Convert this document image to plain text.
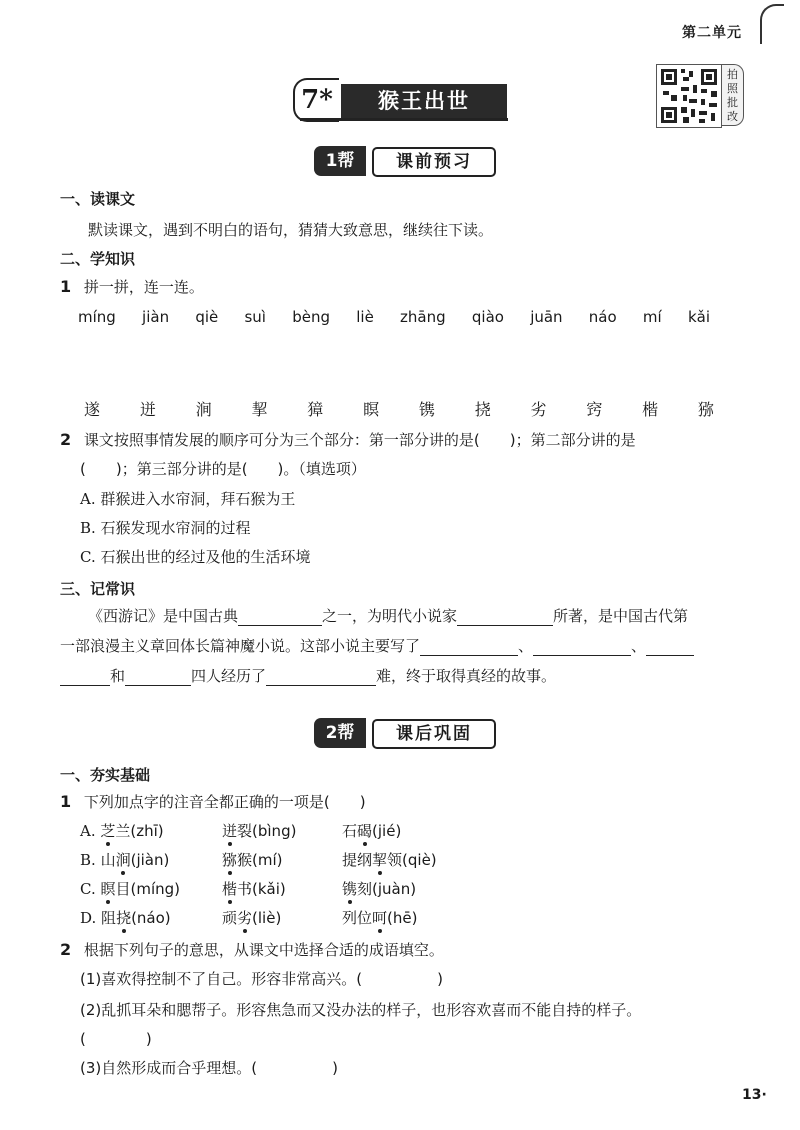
第二单元
7*	猴王出世
拍
照
批
改
1帮	课前预习
一、读课文
默读课文，遇到不明白的语句，猜猜大致意思，继续往下读。
二、学知识
1 拼一拼，连一连。
míng jiàn qiè suì bèng liè zhāng qiào juān náo mí kǎi
遂 迸 涧 挈 獐 瞑 镌 挠 劣 窍 楷 猕
2 课文按照事情发展的顺序可分为三个部分：第一部分讲的是(　　)；第二部分讲的是
(　　)；第三部分讲的是(　　)。（填选项）
A. 群猴进入水帘洞，拜石猴为王
B. 石猴发现水帘洞的过程
C. 石猴出世的经过及他的生活环境
三、记常识
《西游记》是中国古典	之一，为明代小说家	所著，是中国古代第
一部浪漫主义章回体长篇神魔小说。这部小说主要写了	、	、
和	四人经历了	难，终于取得真经的故事。
2帮	课后巩固
一、夯实基础
1 下列加点字的注音全都正确的一项是(　　)
A. 芝兰(zhī)	迸裂(bìng)	石碣(jié)
B. 山涧(jiàn)	猕猴(mí)	提纲挈领(qiè)
C. 瞑目(míng)	楷书(kǎi)	镌刻(juàn)
D. 阻挠(náo)	顽劣(liè)	列位呵(hē)
2 根据下列句子的意思，从课文中选择合适的成语填空。
(1)喜欢得控制不了自己。形容非常高兴。(　　　　　)
(2)乱抓耳朵和腮帮子。形容焦急而又没办法的样子，也形容欢喜而不能自持的样子。
(　　　　)
(3)自然形成而合乎理想。(　　　　　)
13·
